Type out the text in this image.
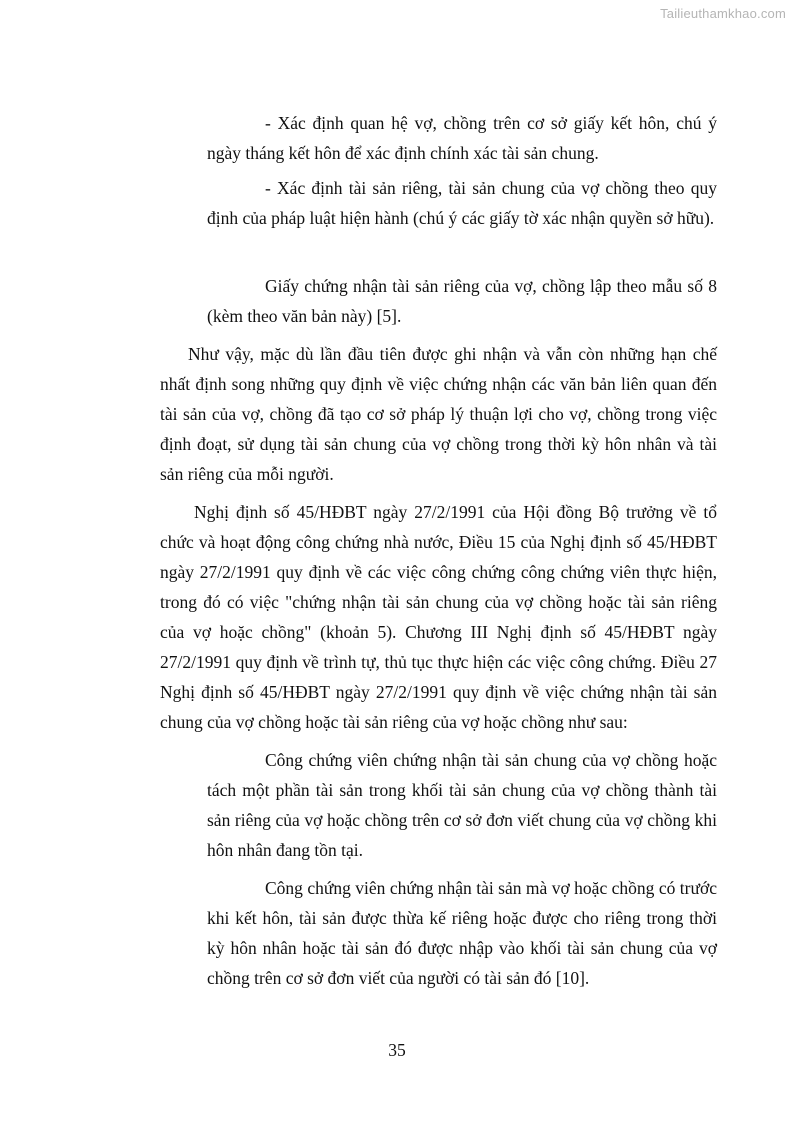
Tailieuthamkhao.com

- Xác định quan hệ vợ, chồng trên cơ sở giấy kết hôn, chú ý ngày tháng kết hôn để xác định chính xác tài sản chung.

- Xác định tài sản riêng, tài sản chung của vợ chồng theo quy định của pháp luật hiện hành (chú ý các giấy tờ xác nhận quyền sở hữu).

Giấy chứng nhận tài sản riêng của vợ, chồng lập theo mẫu số 8 (kèm theo văn bản này) [5].

Như vậy, mặc dù lần đầu tiên được ghi nhận và vẫn còn những hạn chế nhất định song những quy định về việc chứng nhận các văn bản liên quan đến tài sản của vợ, chồng đã tạo cơ sở pháp lý thuận lợi cho vợ, chồng trong việc định đoạt, sử dụng tài sản chung của vợ chồng trong thời kỳ hôn nhân và tài sản riêng của mỗi người.

Nghị định số 45/HĐBT ngày 27/2/1991 của Hội đồng Bộ trưởng về tổ chức và hoạt động công chứng nhà nước, Điều 15 của Nghị định số 45/HĐBT ngày 27/2/1991 quy định về các việc công chứng công chứng viên thực hiện, trong đó có việc "chứng nhận tài sản chung của vợ chồng hoặc tài sản riêng của vợ hoặc chồng" (khoản 5). Chương III Nghị định số 45/HĐBT ngày 27/2/1991 quy định về trình tự, thủ tục thực hiện các việc công chứng. Điều 27 Nghị định số 45/HĐBT ngày 27/2/1991 quy định về việc chứng nhận tài sản chung của vợ chồng hoặc tài sản riêng của vợ hoặc chồng như sau:

Công chứng viên chứng nhận tài sản chung của vợ chồng hoặc tách một phần tài sản trong khối tài sản chung của vợ chồng thành tài sản riêng của vợ hoặc chồng trên cơ sở đơn viết chung của vợ chồng khi hôn nhân đang tồn tại.

Công chứng viên chứng nhận tài sản mà vợ hoặc chồng có trước khi kết hôn, tài sản được thừa kế riêng hoặc được cho riêng trong thời kỳ hôn nhân hoặc tài sản đó được nhập vào khối tài sản chung của vợ chồng trên cơ sở đơn viết của người có tài sản đó [10].

35
